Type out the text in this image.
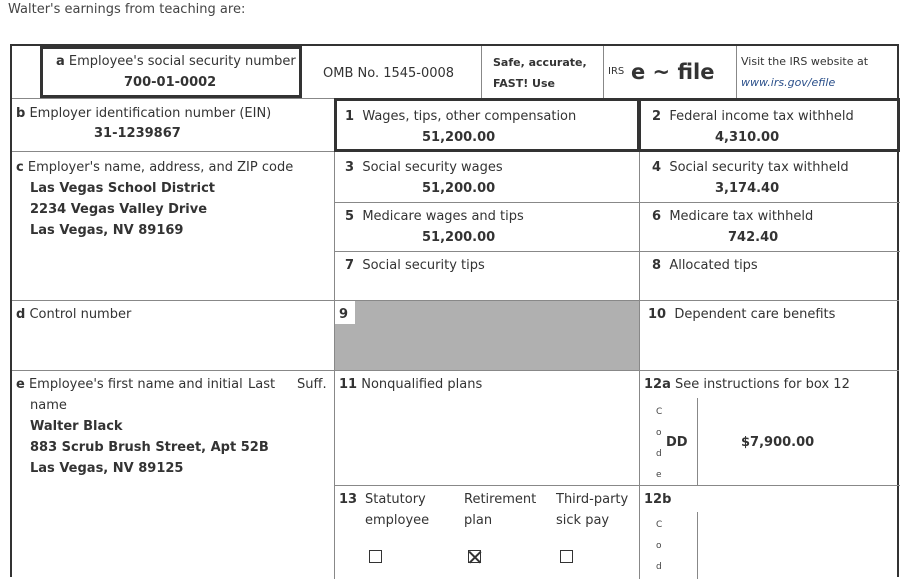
Walter's earnings from teaching are:
a Employee's social security number
700-01-0002
OMB No. 1545-0008
Safe, accurate,
FAST! Use
IRS e ~ file Visit the IRS website at
www.irs.gov/efile
b Employer identification number (EIN)
31-1239867
1 Wages, tips, other compensation
51,200.00
2 Federal income tax withheld
4,310.00
c Employer's name, address, and ZIP code
Las Vegas School District
2234 Vegas Valley Drive
Las Vegas, NV 89169
3 Social security wages
51,200.00
4 Social security tax withheld
3,174.40
5 Medicare wages and tips
51,200.00
6 Medicare tax withheld
742.40
7 Social security tips	8 Allocated tips
d Control number	9	10 Dependent care benefits
e Employee's first name and initial Last Suff.
name
Walter Black
883 Scrub Brush Street, Apt 52B
Las Vegas, NV 89125
11 Nonqualified plans	12a See instructions for box 12
C
o
d
e
DD	$7,900.00
13 Statutory
employee
Retirement
plan
Third-party
sick pay
12b
C
o
d
